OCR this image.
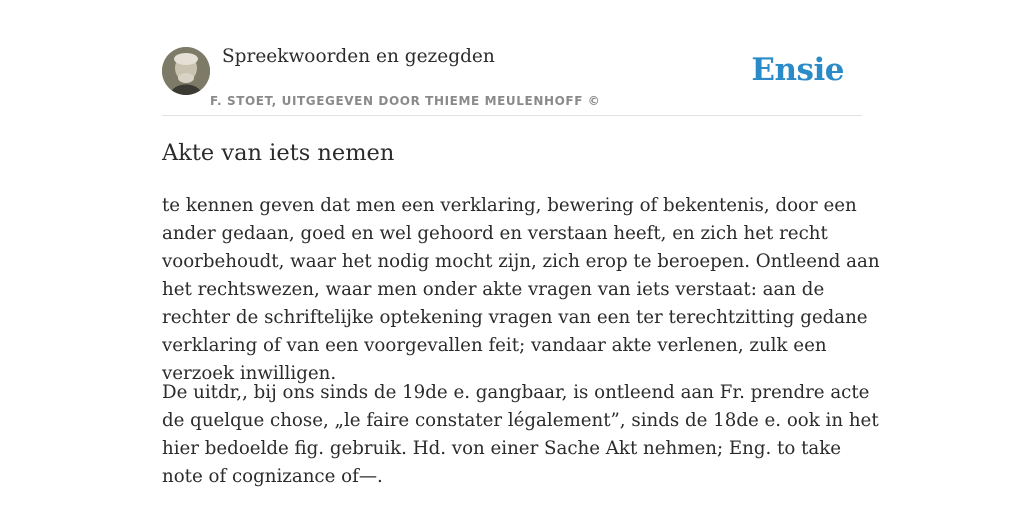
Spreekwoorden en gezegden
F. STOET, UITGEGEVEN DOOR THIEME MEULENHOFF ©
Ensie
Akte van iets nemen

te kennen geven dat men een verklaring, bewering of bekentenis, door een ander gedaan, goed en wel gehoord en verstaan heeft, en zich het recht voorbehoudt, waar het nodig mocht zijn, zich erop te beroepen. Ontleend aan het rechtswezen, waar men onder akte vragen van iets verstaat: aan de rechter de schriftelijke optekening vragen van een ter terechtzitting gedane verklaring of van een voorgevallen feit; vandaar akte verlenen, zulk een verzoek inwilligen.

De uitdr,, bij ons sinds de 19de e. gangbaar, is ontleend aan Fr. prendre acte de quelque chose, „le faire constater légalement”, sinds de 18de e. ook in het hier bedoelde fig. gebruik. Hd. von einer Sache Akt nehmen; Eng. to take note of cognizance of—.
